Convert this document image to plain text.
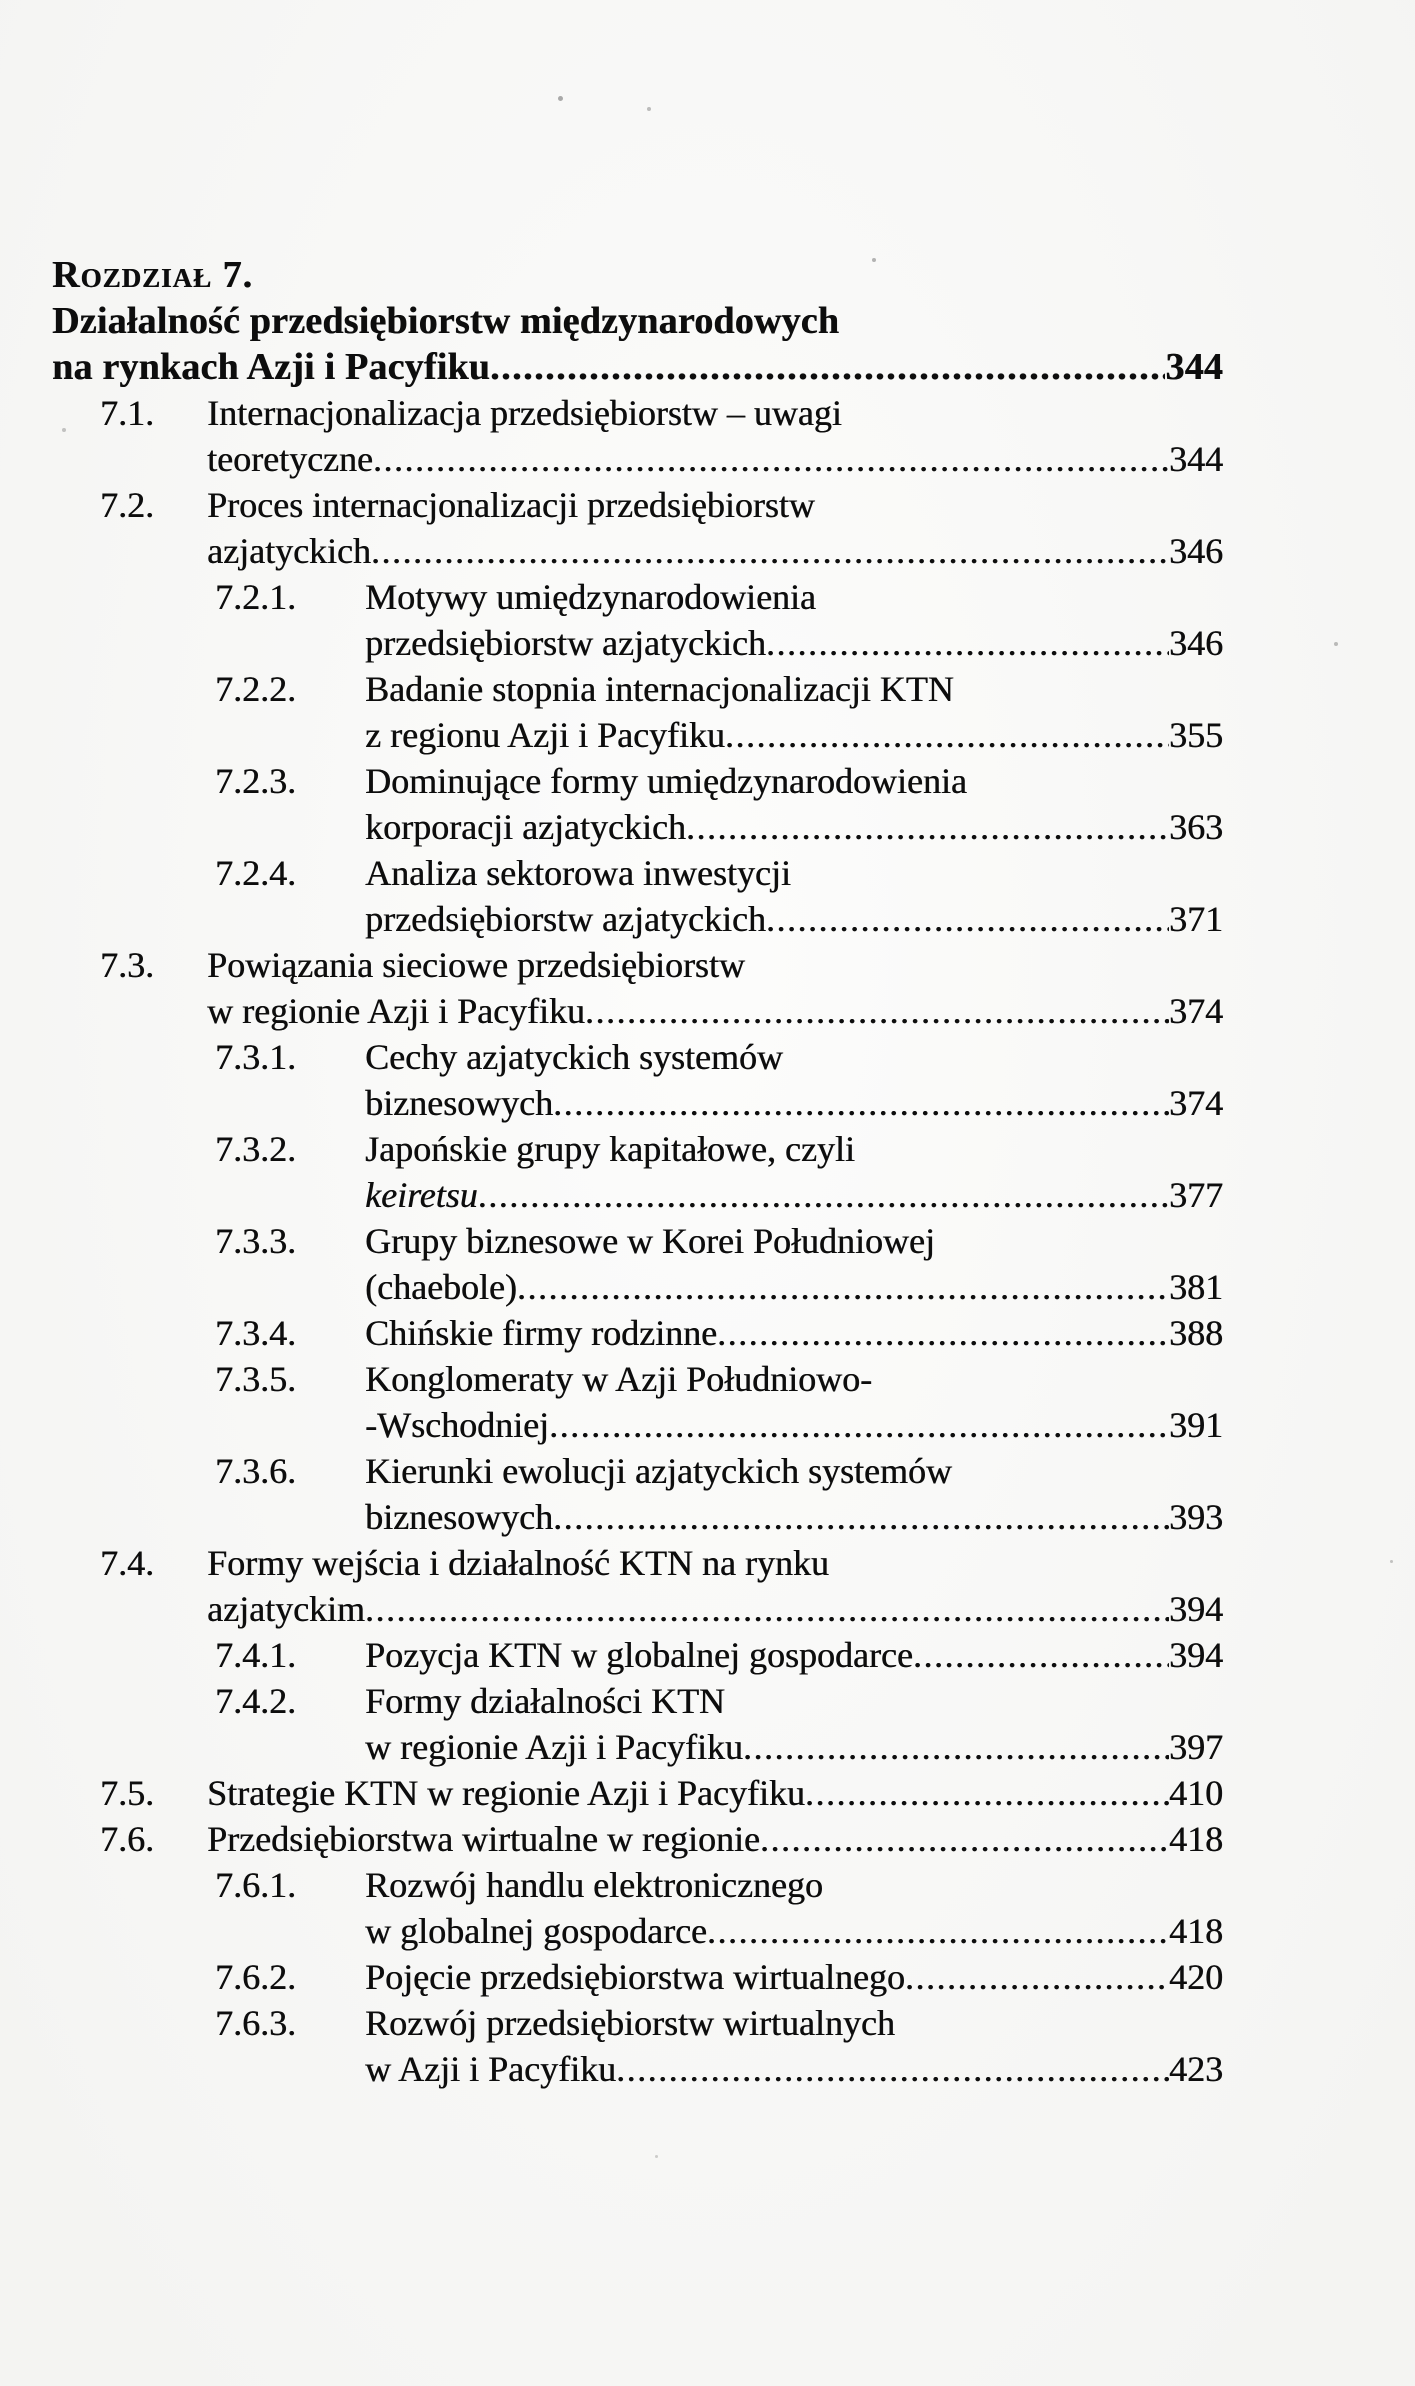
Rozdział 7.
Działalność przedsiębiorstw międzynarodowych
na rynkach Azji i Pacyfiku .....	344
7.1.	Internacjonalizacja przedsiębiorstw – uwagi
teoretyczne .....	344
7.2.	Proces internacjonalizacji przedsiębiorstw
azjatyckich .....	346
7.2.1.	Motywy umiędzynarodowienia
przedsiębiorstw azjatyckich .....	346
7.2.2.	Badanie stopnia internacjonalizacji KTN
z regionu Azji i Pacyfiku .....	355
7.2.3.	Dominujące formy umiędzynarodowienia
korporacji azjatyckich .....	363
7.2.4.	Analiza sektorowa inwestycji
przedsiębiorstw azjatyckich .....	371
7.3.	Powiązania sieciowe przedsiębiorstw
w regionie Azji i Pacyfiku .....	374
7.3.1.	Cechy azjatyckich systemów
biznesowych .....	374
7.3.2.	Japońskie grupy kapitałowe, czyli
keiretsu .....	377
7.3.3.	Grupy biznesowe w Korei Południowej
(chaebole) .....	381
7.3.4.	Chińskie firmy rodzinne .....	388
7.3.5.	Konglomeraty w Azji Południowo-
-Wschodniej .....	391
7.3.6.	Kierunki ewolucji azjatyckich systemów
biznesowych .....	393
7.4.	Formy wejścia i działalność KTN na rynku
azjatyckim .....	394
7.4.1.	Pozycja KTN w globalnej gospodarce .....	394
7.4.2.	Formy działalności KTN
w regionie Azji i Pacyfiku .....	397
7.5.	Strategie KTN w regionie Azji i Pacyfiku .....	410
7.6.	Przedsiębiorstwa wirtualne w regionie .....	418
7.6.1.	Rozwój handlu elektronicznego
w globalnej gospodarce .....	418
7.6.2.	Pojęcie przedsiębiorstwa wirtualnego .....	420
7.6.3.	Rozwój przedsiębiorstw wirtualnych
w Azji i Pacyfiku .....	423
